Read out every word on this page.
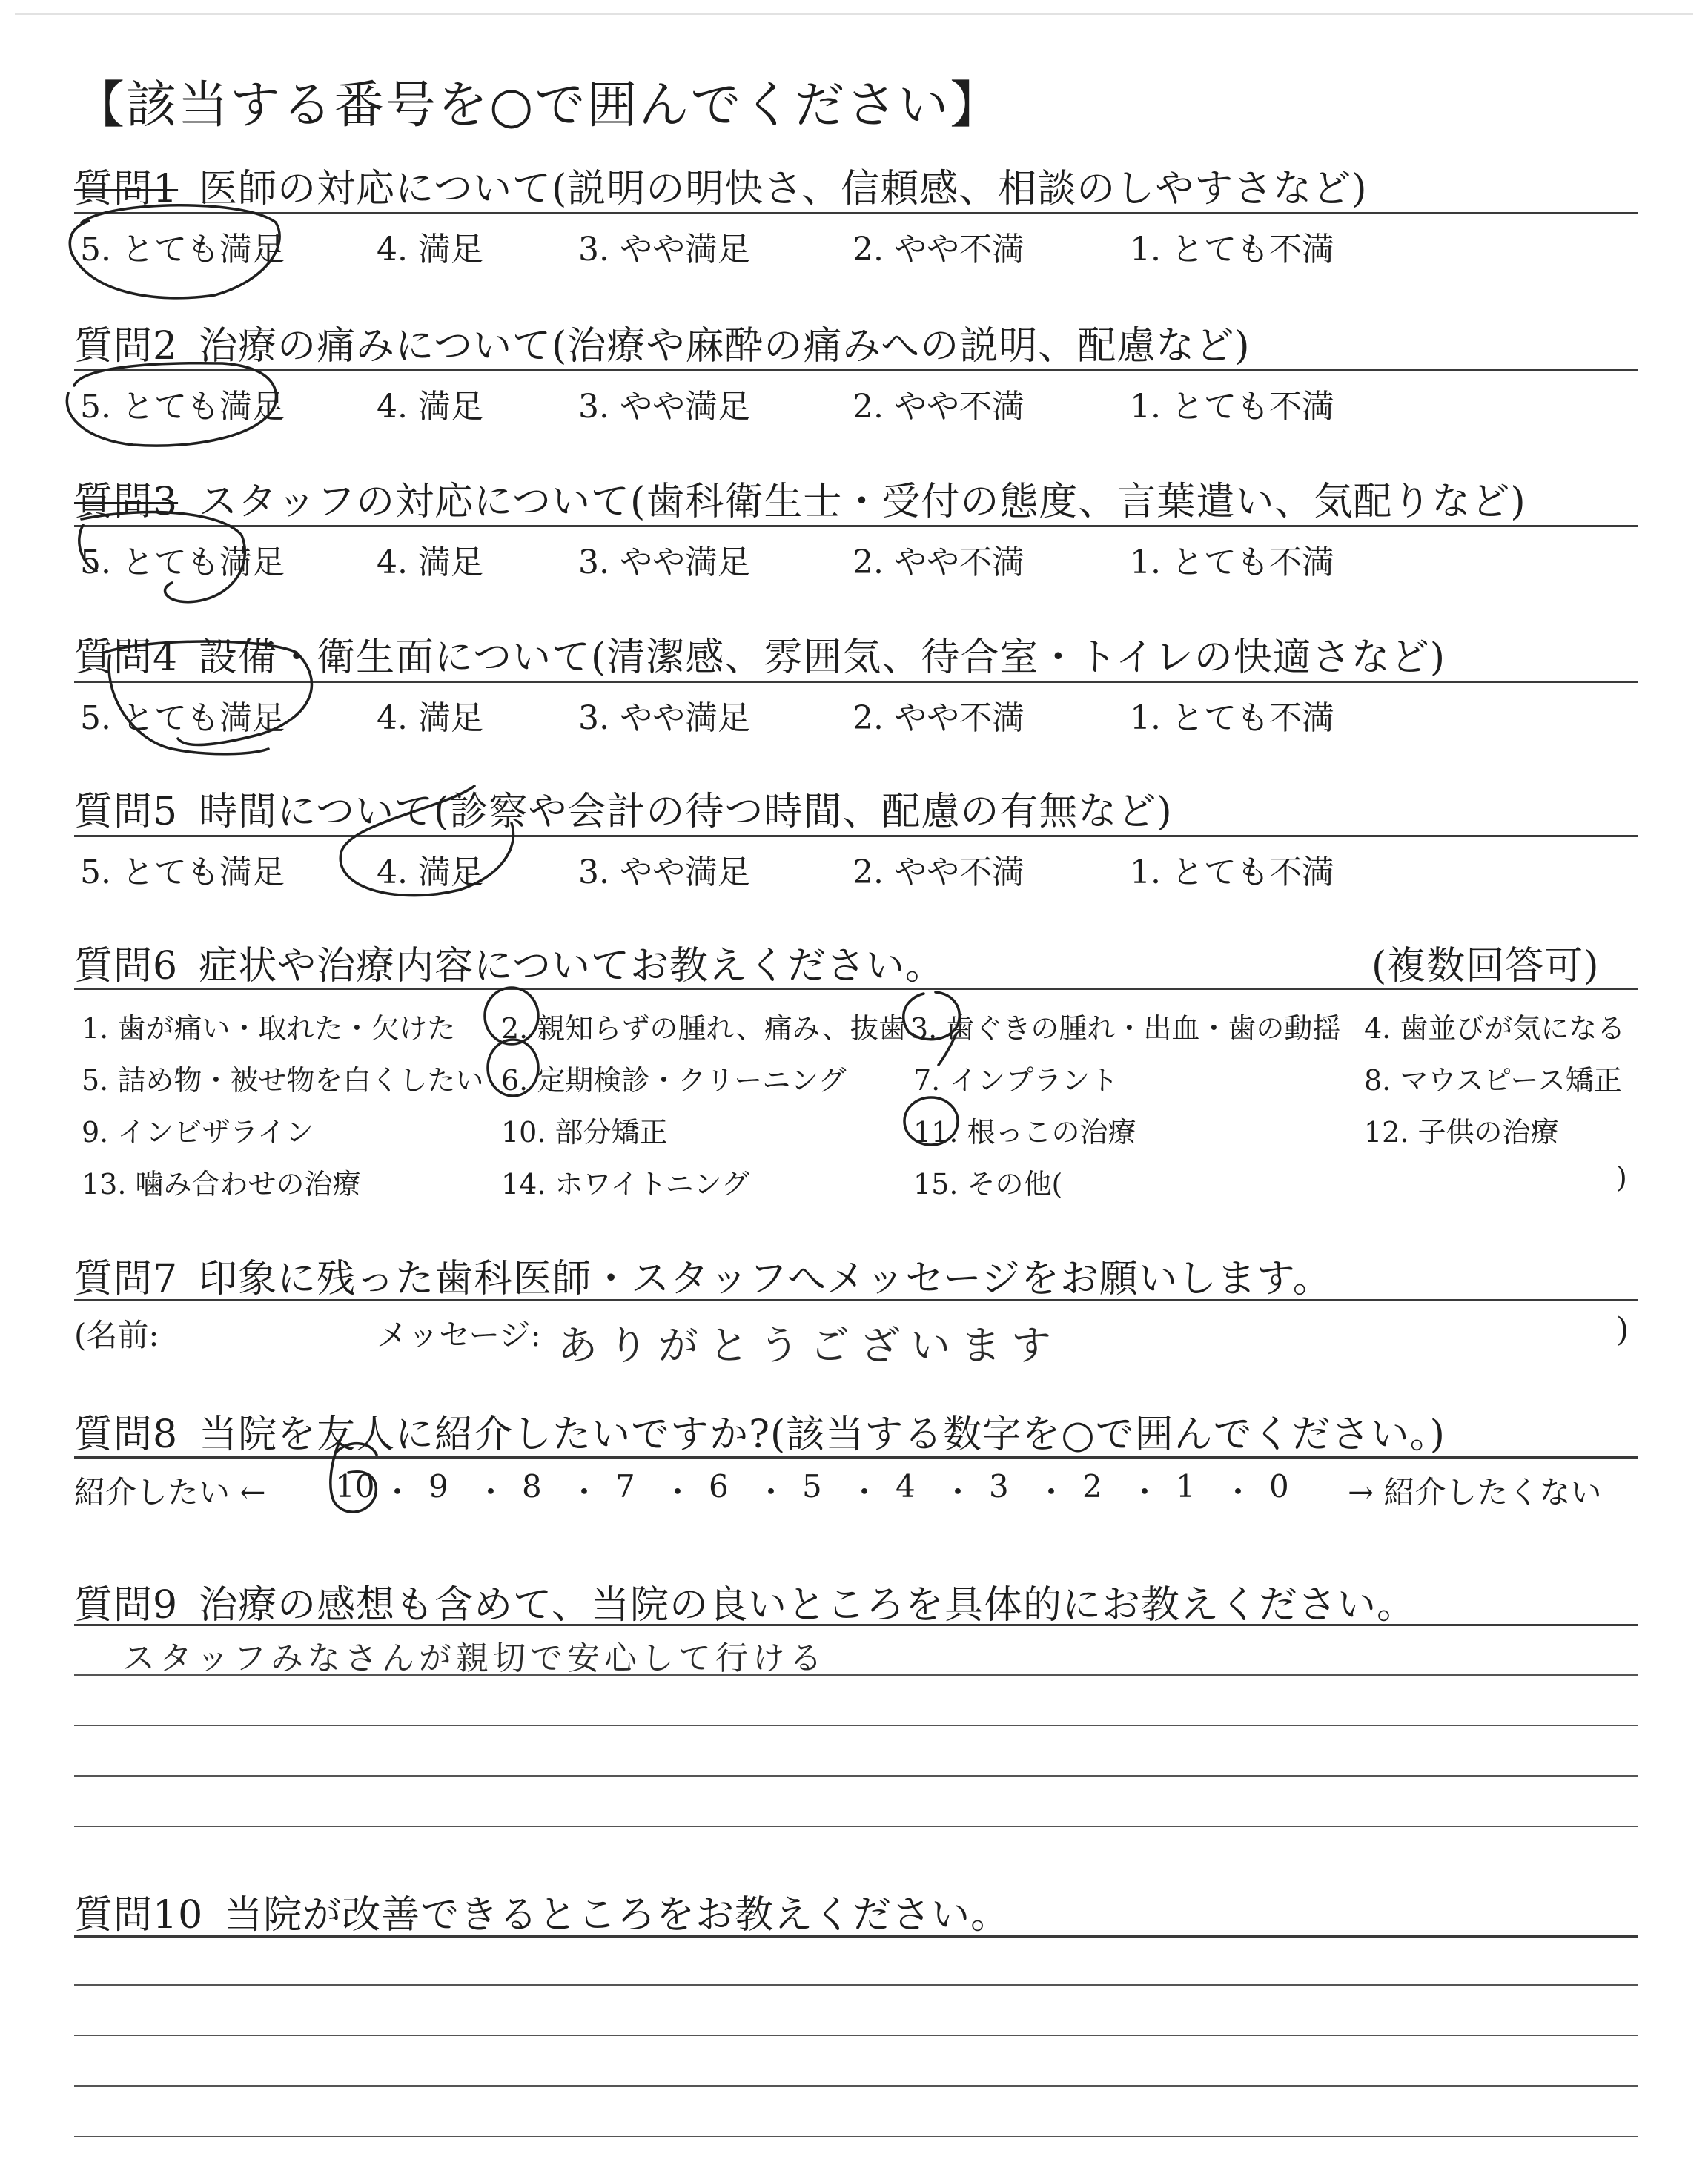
【該当する番号を○で囲んでください】
質問1 医師の対応について(説明の明快さ、信頼感、相談のしやすさなど)
5. とても満足	4. 満足	3. やや満足	2. やや不満	1. とても不満
質問2 治療の痛みについて(治療や麻酔の痛みへの説明、配慮など)
5. とても満足	4. 満足	3. やや満足	2. やや不満	1. とても不満
質問3 スタッフの対応について(歯科衛生士・受付の態度、言葉遣い、気配りなど)
5. とても満足	4. 満足	3. やや満足	2. やや不満	1. とても不満
質問4 設備・衛生面について(清潔感、雰囲気、待合室・トイレの快適さなど)
5. とても満足	4. 満足	3. やや満足	2. やや不満	1. とても不満
質問5 時間について(診察や会計の待つ時間、配慮の有無など)
5. とても満足	4. 満足	3. やや満足	2. やや不満	1. とても不満
質問6 症状や治療内容についてお教えください。	(複数回答可)
1. 歯が痛い・取れた・欠けた 2. 親知らずの腫れ、痛み、抜歯 3. 歯ぐきの腫れ・出血・歯の動揺 4. 歯並びが気になる
5. 詰め物・被せ物を白くしたい 6. 定期検診・クリーニング 7. インプラント	8. マウスピース矯正
9. インビザライン	10. 部分矯正	11. 根っこの治療	12. 子供の治療
13. 噛み合わせの治療	14. ホワイトニング	15. その他(	)
質問7 印象に残った歯科医師・スタッフへメッセージをお願いします。
(名前:	メッセージ: ありがとうございます	)
質問8 当院を友人に紹介したいですか?(該当する数字を○で囲んでください。)
紹介したい ← 10 ・ 9 ・ 8 ・ 7 ・ 6 ・ 5 ・ 4 ・ 3 ・ 2 ・ 1 ・ 0 → 紹介したくない
質問9 治療の感想も含めて、当院の良いところを具体的にお教えください。
スタッフみなさんが親切で安心して行ける
質問10 当院が改善できるところをお教えください。
